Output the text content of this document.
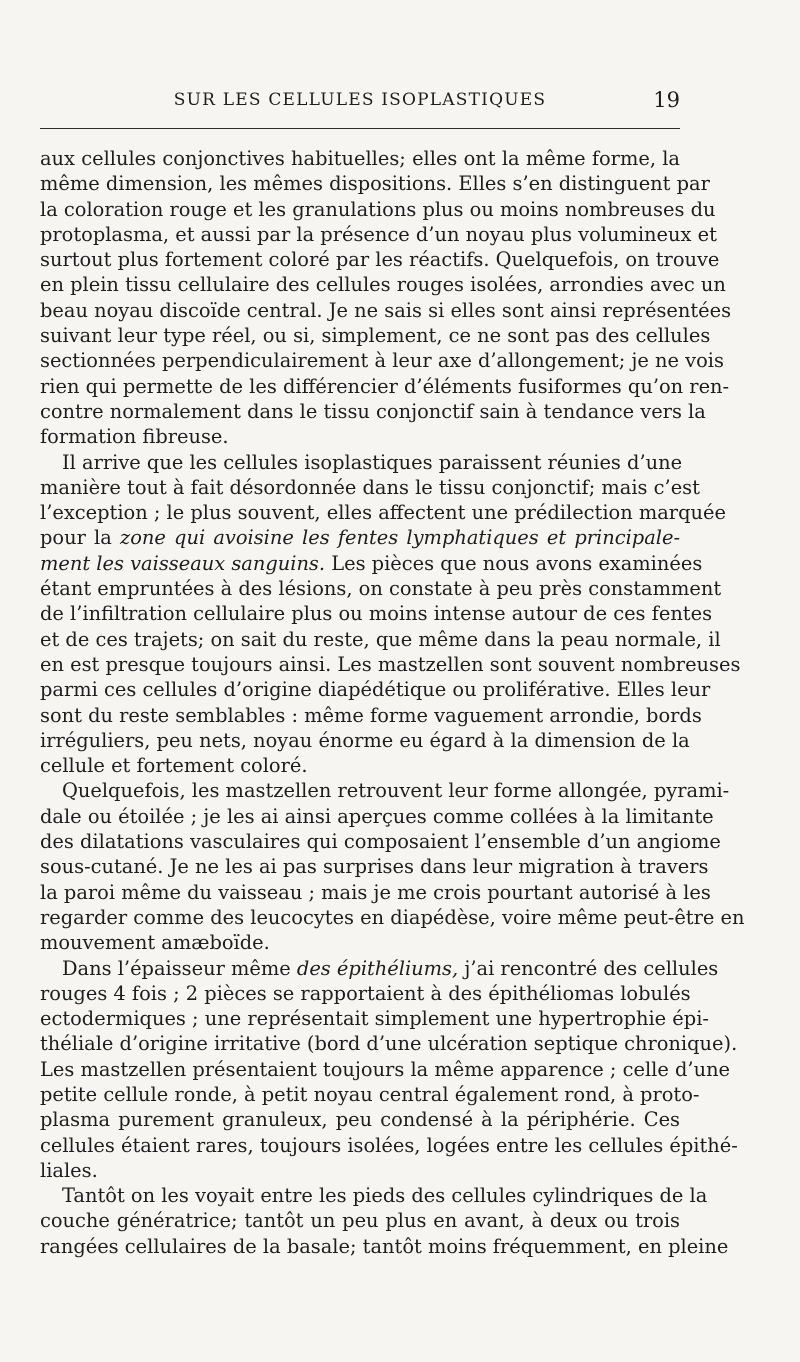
SUR LES CELLULES ISOPLASTIQUES	19
aux cellules conjonctives habituelles; elles ont la même forme, la
même dimension, les mêmes dispositions. Elles s’en distinguent par
la coloration rouge et les granulations plus ou moins nombreuses du
protoplasma, et aussi par la présence d’un noyau plus volumineux et
surtout plus fortement coloré par les réactifs. Quelquefois, on trouve
en plein tissu cellulaire des cellules rouges isolées, arrondies avec un
beau noyau discoïde central. Je ne sais si elles sont ainsi représentées
suivant leur type réel, ou si, simplement, ce ne sont pas des cellules
sectionnées perpendiculairement à leur axe d’allongement; je ne vois
rien qui permette de les différencier d’éléments fusiformes qu’on ren-
contre normalement dans le tissu conjonctif sain à tendance vers la
formation fibreuse.
Il arrive que les cellules isoplastiques paraissent réunies d’une
manière tout à fait désordonnée dans le tissu conjonctif; mais c’est
l’exception ; le plus souvent, elles affectent une prédilection marquée
pour la zone qui avoisine les fentes lymphatiques et principale-
ment les vaisseaux sanguins. Les pièces que nous avons examinées
étant empruntées à des lésions, on constate à peu près constamment
de l’infiltration cellulaire plus ou moins intense autour de ces fentes
et de ces trajets; on sait du reste, que même dans la peau normale, il
en est presque toujours ainsi. Les mastzellen sont souvent nombreuses
parmi ces cellules d’origine diapédétique ou proliférative. Elles leur
sont du reste semblables : même forme vaguement arrondie, bords
irréguliers, peu nets, noyau énorme eu égard à la dimension de la
cellule et fortement coloré.
Quelquefois, les mastzellen retrouvent leur forme allongée, pyrami-
dale ou étoilée ; je les ai ainsi aperçues comme collées à la limitante
des dilatations vasculaires qui composaient l’ensemble d’un angiome
sous-cutané. Je ne les ai pas surprises dans leur migration à travers
la paroi même du vaisseau ; mais je me crois pourtant autorisé à les
regarder comme des leucocytes en diapédèse, voire même peut-être en
mouvement amæboïde.
Dans l’épaisseur même des épithéliums, j’ai rencontré des cellules
rouges 4 fois ; 2 pièces se rapportaient à des épithéliomas lobulés
ectodermiques ; une représentait simplement une hypertrophie épi-
théliale d’origine irritative (bord d’une ulcération septique chronique).
Les mastzellen présentaient toujours la même apparence ; celle d’une
petite cellule ronde, à petit noyau central également rond, à proto-
plasma purement granuleux, peu condensé à la périphérie. Ces
cellules étaient rares, toujours isolées, logées entre les cellules épithé-
liales.
Tantôt on les voyait entre les pieds des cellules cylindriques de la
couche génératrice; tantôt un peu plus en avant, à deux ou trois
rangées cellulaires de la basale; tantôt moins fréquemment, en pleine
